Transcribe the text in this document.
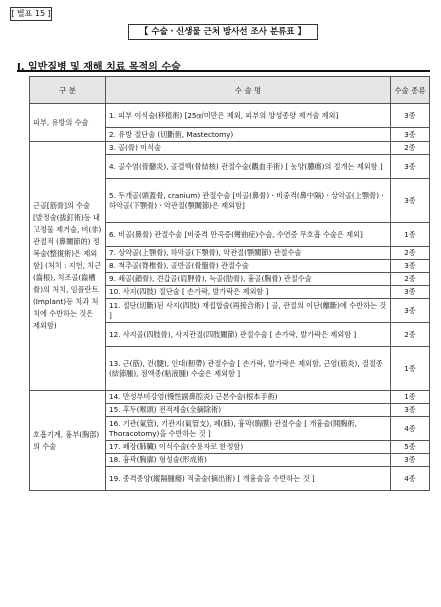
[ 별표 15 ]
【 수술ㆍ신생물 근처 방사선 조사 분류표 】
I. 일반질병 및 재해 치료 목적의 수술
구 분	수 술 명	수술 종류
피부, 유방의 수술	1. 피부 이식술(移植術) [25㎠미만은 제외, 피부의 양성종양 제거술 제외]	3종
	2. 유방 절단술 (切斷術, Mastectomy)	3종
근골[筋骨]의 수술 [발정술(拔釘術)등 내고정물 제거술, 비(非)관절적 (鼻關節的) 정복술(整復術)은 제외함] (처치 : 지헌, 치근(齒根), 치조골(齒槽骨)의 처치, 임플란트(Implant)등 치과 처치에 수반하는 것은 제외함)	3. 골(骨) 이식술	2종
	4. 골수염(骨髓炎), 골결핵(骨結核) 관절수술(觀血手術) [ 농양(膿瘍)의 절개는 제외함 ]	3종
	5. 두개골(頭蓋骨, cranium) 관절수술 [비골(鼻骨)ㆍ비중격(鼻中隔)ㆍ상악골(上顎骨)ㆍ하악골(下顎骨)ㆍ악관절(顎關節)은 제외함]	3종
	6. 비골(鼻骨) 관절수술 [비중격 만곡증(彎曲症)수술, 수연증 무호흡 수술은 제외]	1종
	7. 상악골(上顎骨), 하악골(下顎骨), 악관절(顎關節) 관절수술	2종
	8. 척추골(脊椎骨), 골반골(骨盤骨) 관절수술	3종
	9. 쇄골(鎖骨), 견갑골(肩胛骨), 늑골(肋骨), 흉골(胸骨) 관절수술	2종
	10. 사지(四肢) 절단술 [ 손가락, 발가락은 제외함 ]	3종
	11. 절단(切斷)된 사지(四肢) 재접합술(再接合術) [ 골, 관절의 이단(離斷)에 수반하는 것 ]	3종
	12. 사지골(四肢骨), 사지관절(四肢關節) 관절수술 [ 손가락, 발가락은 제외함 ]	2종
	13. 근(筋), 건(腱), 인대(靭帶) 관절수술 [ 손가락, 발가락은 제외함, 근염(筋炎), 결절종(結節腫), 점액종(粘液腫) 수술은 제외함 ]	1종
호흡기계, 흉부(胸部)의 수술	14. 만성부비강염(慢性副鼻腔炎) 근본수술(根本手術)	1종
	15. 후두(喉頭) 전적제술(全摘除術)	3종
	16. 기관(氣管), 기관지(氣管支), 폐(肺), 흉막(胸膜) 관절수술 [ 개흉술(開胸術, Thoracotomy)을 수반하는 것 ]	4종
	17. 폐장(肺臟) 이식수술(수용자로 한정함)	5종
	18. 흉곽(胸廓) 형성술(形成術)	3종
	19. 종격종양(縱隔腫瘍) 적출술(摘出術) [ 개흉술을 수반하는 것 ]	4종
